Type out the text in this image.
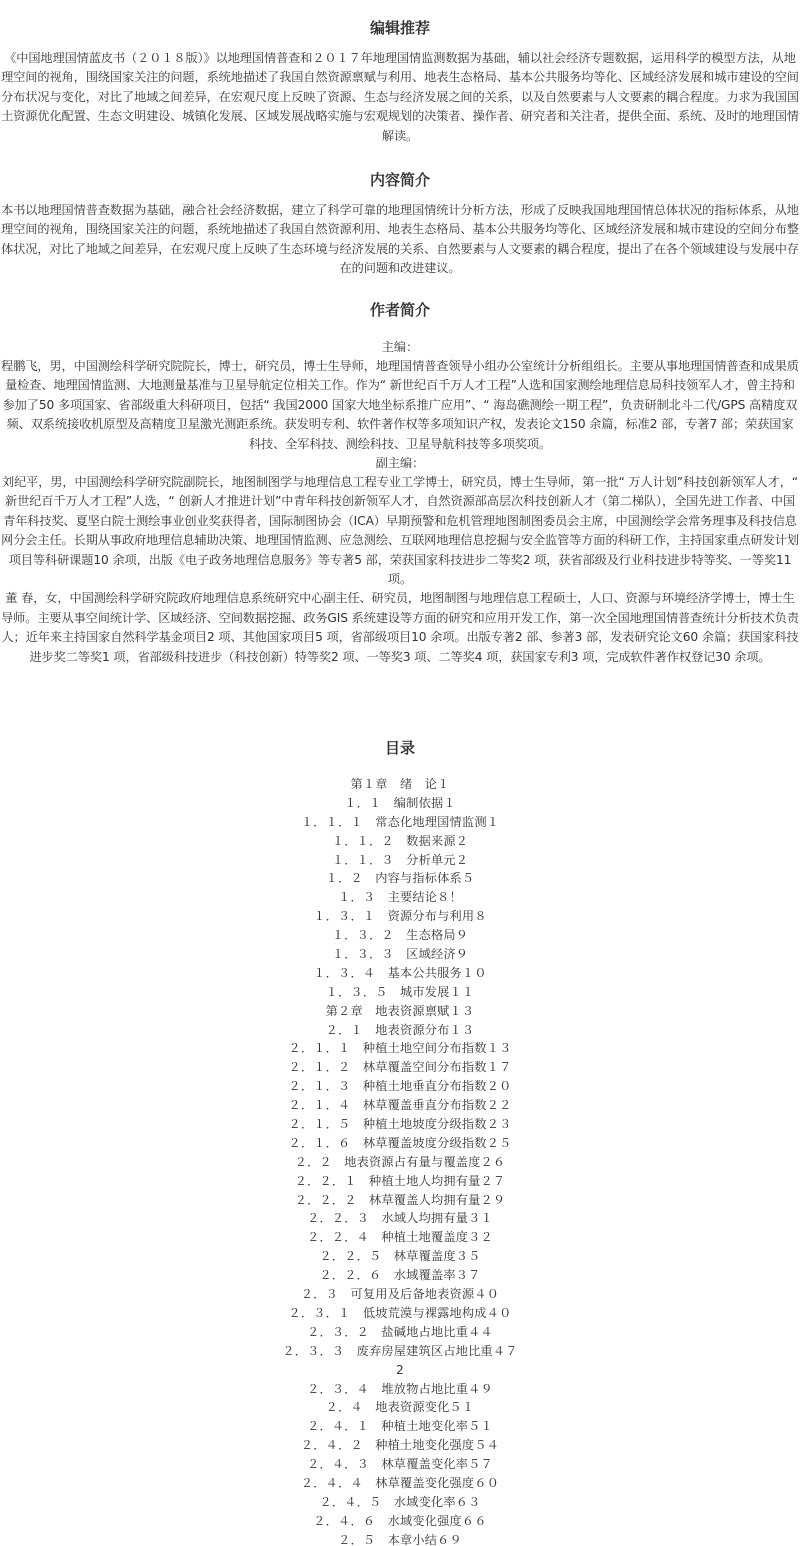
编辑推荐

《中国地理国情蓝皮书（２０１８版）》以地理国情普查和２０１７年地理国情监测数据为基础，辅以社会经济专题数据，运用科学的模型方法，从地理空间的视角，围绕国家关注的问题，系统地描述了我国自然资源禀赋与利用、地表生态格局、基本公共服务均等化、区域经济发展和城市建设的空间分布状况与变化，对比了地域之间差异，在宏观尺度上反映了资源、生态与经济发展之间的关系，以及自然要素与人文要素的耦合程度。力求为我国国土资源优化配置、生态文明建设、城镇化发展、区域发展战略实施与宏观规划的决策者、操作者、研究者和关注者，提供全面、系统、及时的地理国情解读。

内容简介

本书以地理国情普查数据为基础，融合社会经济数据，建立了科学可靠的地理国情统计分析方法，形成了反映我国地理国情总体状况的指标体系，从地理空间的视角，围绕国家关注的问题，系统地描述了我国自然资源利用、地表生态格局、基本公共服务均等化、区域经济发展和城市建设的空间分布整体状况，对比了地域之间差异，在宏观尺度上反映了生态环境与经济发展的关系、自然要素与人文要素的耦合程度，提出了在各个领域建设与发展中存在的问题和改进建议。

作者简介

主编：

程鹏飞，男，中国测绘科学研究院院长，博士，研究员，博士生导师，地理国情普查领导小组办公室统计分析组组长。主要从事地理国情普查和成果质量检查、地理国情监测、大地测量基准与卫星导航定位相关工作。作为“ 新世纪百千万人才工程”人选和国家测绘地理信息局科技领军人才，曾主持和参加了50 多项国家、省部级重大科研项目，包括“ 我国2000 国家大地坐标系推广应用”、“ 海岛礁测绘一期工程”，负责研制北斗二代/GPS 高精度双频、双系统接收机原型及高精度卫星激光测距系统。获发明专利、软件著作权等多项知识产权，发表论文150 余篇，标准2 部，专著7 部；荣获国家科技、全军科技、测绘科技、卫星导航科技等多项奖项。

副主编：

刘纪平，男，中国测绘科学研究院副院长，地图制图学与地理信息工程专业工学博士，研究员，博士生导师，第一批“ 万人计划”科技创新领军人才，“ 新世纪百千万人才工程”人选，“ 创新人才推进计划”中青年科技创新领军人才，自然资源部高层次科技创新人才（第二梯队），全国先进工作者、中国青年科技奖、夏坚白院士测绘事业创业奖获得者，国际制图协会（ICA）早期预警和危机管理地图制图委员会主席，中国测绘学会常务理事及科技信息网分会主任。长期从事政府地理信息辅助决策、地理国情监测、应急测绘、互联网地理信息挖掘与安全监管等方面的科研工作，主持国家重点研发计划项目等科研课题10 余项，出版《电子政务地理信息服务》等专著5 部，荣获国家科技进步二等奖2 项，获省部级及行业科技进步特等奖、一等奖11 项。

董 春，女，中国测绘科学研究院政府地理信息系统研究中心副主任、研究员，地图制图与地理信息工程硕士，人口、资源与环境经济学博士，博士生导师。主要从事空间统计学、区域经济、空间数据挖掘、政务GIS 系统建设等方面的研究和应用开发工作，第一次全国地理国情普查统计分析技术负责人；近年来主持国家自然科学基金项目2 项、其他国家项目5 项，省部级项目10 余项。出版专著2 部、参著3 部，发表研究论文60 余篇；获国家科技进步奖二等奖1 项，省部级科技进步（科技创新）特等奖2 项、一等奖3 项、二等奖4 项，获国家专利3 项，完成软件著作权登记30 余项。

目录
第１章　绪　论１
１．１　编制依据１
１．１．１　常态化地理国情监测１
１．１．２　数据来源２
１．１．３　分析单元２
１．２　内容与指标体系５
１．３　主要结论８！
１．３．１　资源分布与利用８
１．３．２　生态格局９
１．３．３　区域经济９
１．３．４　基本公共服务１０
１．３．５　城市发展１１
第２章　地表资源禀赋１３
２．１　地表资源分布１３
２．１．１　种植土地空间分布指数１３
２．１．２　林草覆盖空间分布指数１７
２．１．３　种植土地垂直分布指数２０
２．１．４　林草覆盖垂直分布指数２２
２．１．５　种植土地坡度分级指数２３
２．１．６　林草覆盖坡度分级指数２５
２．２　地表资源占有量与覆盖度２６
２．２．１　种植土地人均拥有量２７
２．２．２　林草覆盖人均拥有量２９
２．２．３　水域人均拥有量３１
２．２．４　种植土地覆盖度３２
２．２．５　林草覆盖度３５
２．２．６　水域覆盖率３７
２．３　可复用及后备地表资源４０
２．３．１　低坡荒漠与裸露地构成４０
２．３．２　盐碱地占地比重４４
２．３．３　废弃房屋建筑区占地比重４７
2
２．３．４　堆放物占地比重４９
２．４　地表资源变化５１
２．４．１　种植土地变化率５１
２．４．２　种植土地变化强度５４
２．４．３　林草覆盖变化率５７
２．４．４　林草覆盖变化强度６０
２．４．５　水域变化率６３
２．４．６　水域变化强度６６
２．５　本章小结６９
